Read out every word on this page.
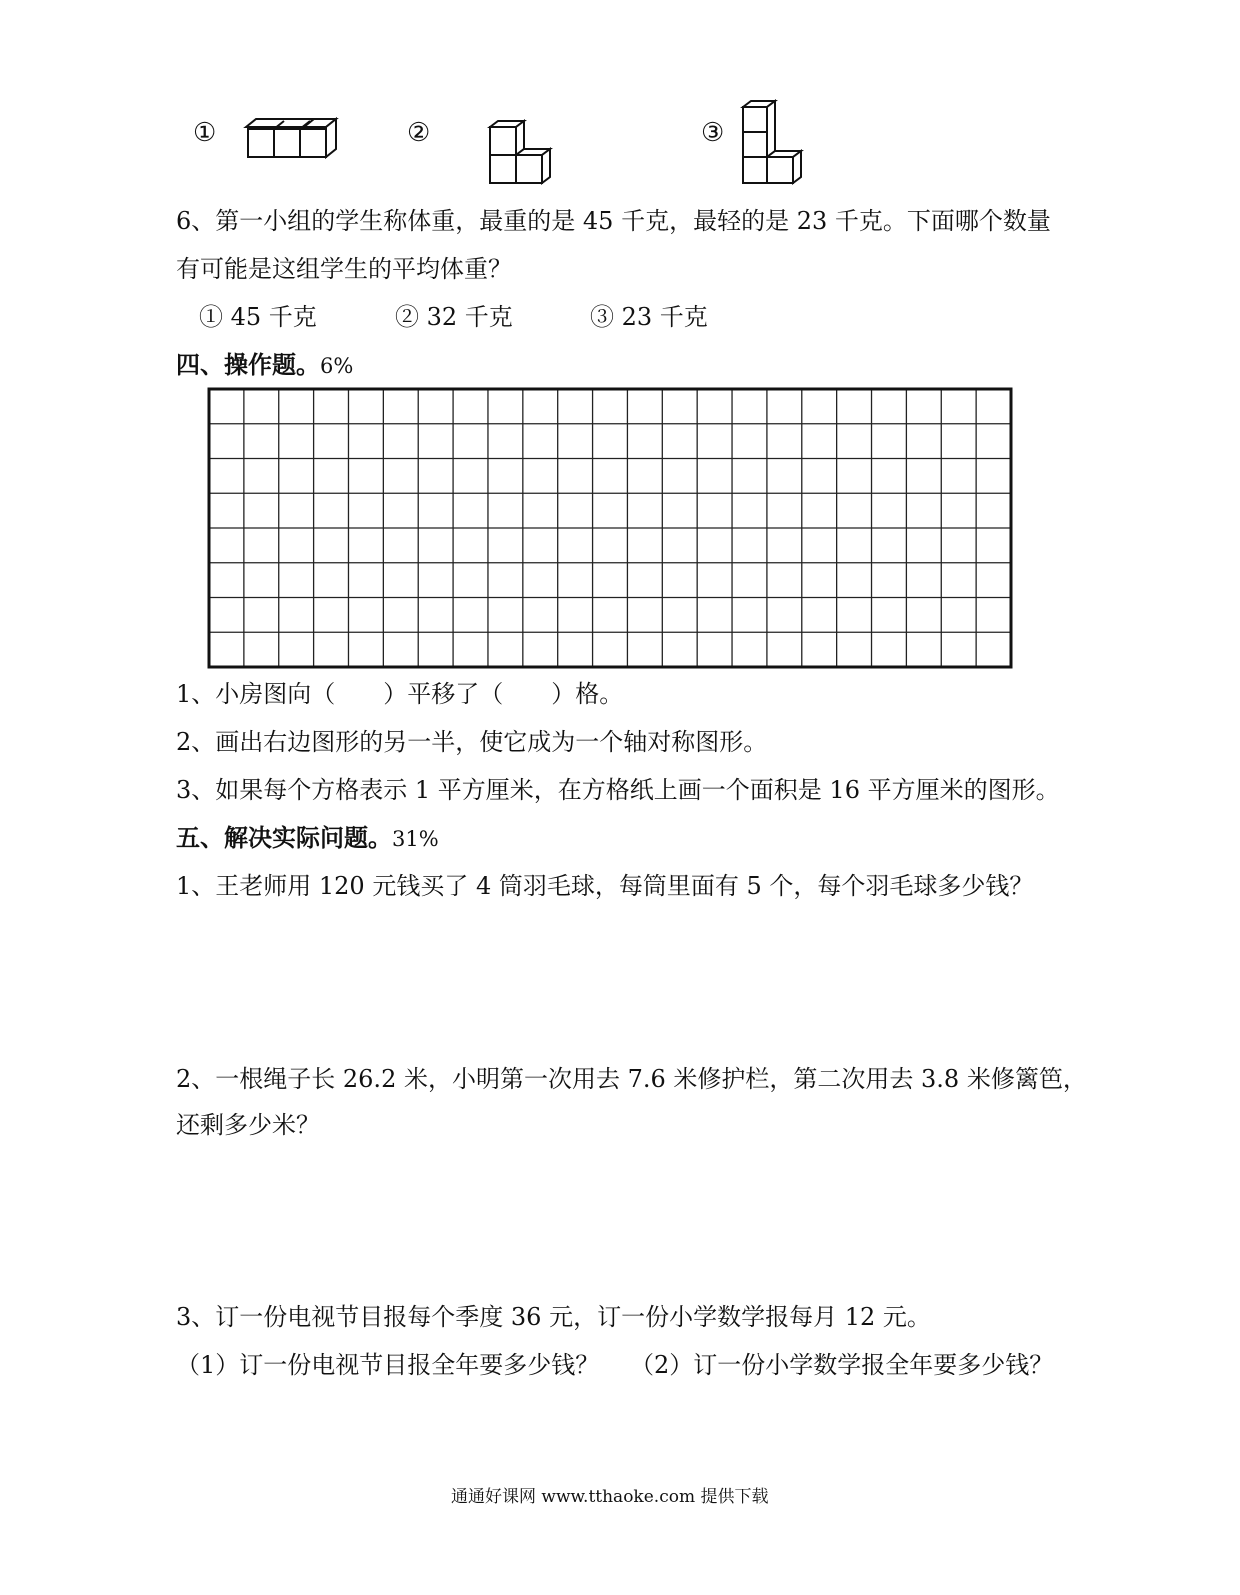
①	②	③
6、第一小组的学生称体重，最重的是 45 千克，最轻的是 23 千克。下面哪个数量
有可能是这组学生的平均体重？
① 45 千克	② 32 千克	③ 23 千克
四、操作题。6%
1、小房图向（　　）平移了（　　）格。
2、画出右边图形的另一半，使它成为一个轴对称图形。
3、如果每个方格表示 1 平方厘米，在方格纸上画一个面积是 16 平方厘米的图形。
五、解决实际问题。31%
1、王老师用 120 元钱买了 4 筒羽毛球，每筒里面有 5 个，每个羽毛球多少钱？
2、一根绳子长 26.2 米，小明第一次用去 7.6 米修护栏，第二次用去 3.8 米修篱笆，
还剩多少米？
3、订一份电视节目报每个季度 36 元，订一份小学数学报每月 12 元。
（1）订一份电视节目报全年要多少钱？ （2）订一份小学数学报全年要多少钱？
通通好课网 www.tthaoke.com 提供下载
